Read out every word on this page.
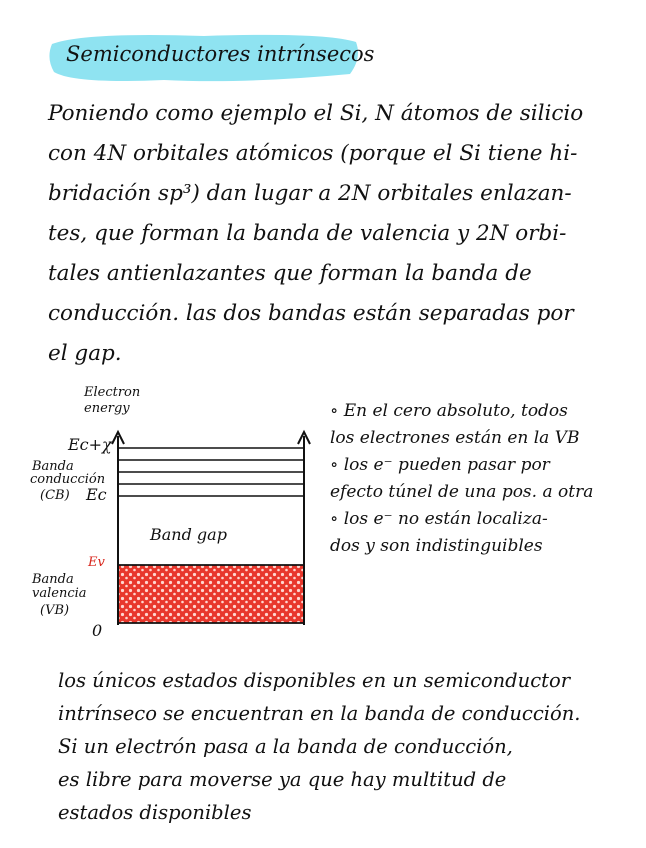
Semiconductores intrínsecos
Poniendo como ejemplo el Si, N átomos de silicio
con 4N orbitales atómicos (porque el Si tiene hi-
bridación sp³) dan lugar a 2N orbitales enlazan-
tes, que forman la banda de valencia y 2N orbi-
tales antienlazantes que forman la banda de
conducción. las dos bandas están separadas por
el gap.
Electron
energy
Ec+χ
Banda
conducción
(CB) Ec
Band gap
Ev
Banda
valencia
(VB)
0
∘ En el cero absoluto, todos
los electrones están en la VB
∘ los e⁻ pueden pasar por
efecto túnel de una pos. a otra
∘ los e⁻ no están localiza-
dos y son indistinguibles
los únicos estados disponibles en un semiconductor
intrínseco se encuentran en la banda de conducción.
Si un electrón pasa a la banda de conducción,
es libre para moverse ya que hay multitud de
estados disponibles
